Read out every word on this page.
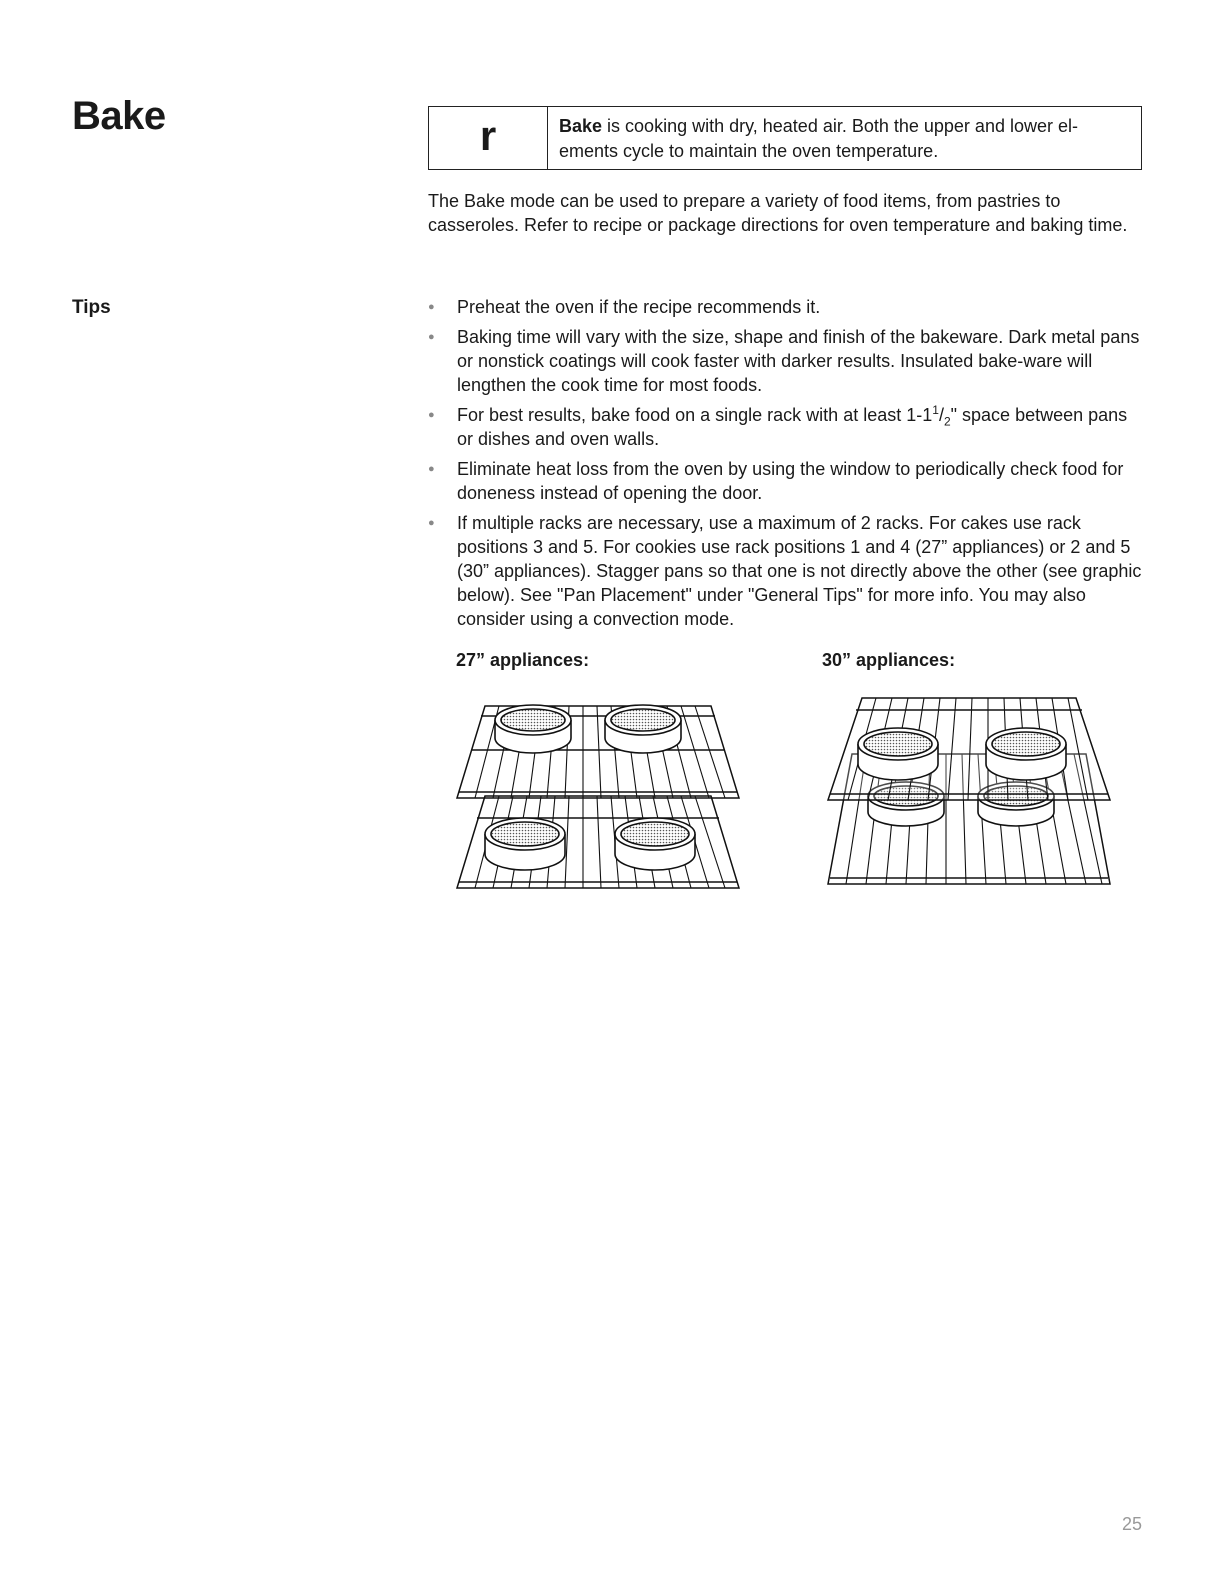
Bake	r	Bake is cooking with dry, heated air. Both the upper and lower el-ements cycle to maintain the oven temperature.

The Bake mode can be used to prepare a variety of food items, from pastries to casseroles. Refer to recipe or package directions for oven temperature and baking time.

Tips	● Preheat the oven if the recipe recommends it.
● Baking time will vary with the size, shape and finish of the bakeware. Dark metal pans or nonstick coatings will cook faster with darker results. Insulated bake-ware will lengthen the cook time for most foods.
● For best results, bake food on a single rack with at least $1-1^1/_2$" space between pans or dishes and oven walls.
● Eliminate heat loss from the oven by using the window to periodically check food for doneness instead of opening the door.
● If multiple racks are necessary, use a maximum of 2 racks. For cakes use rack positions 3 and 5. For cookies use rack positions 1 and 4 (27” appliances) or 2 and 5 (30” appliances). Stagger pans so that one is not directly above the other (see graphic below). See "Pan Placement" under "General Tips" for more info. You may also consider using a convection mode.

27” appliances:	30” appliances:

25
